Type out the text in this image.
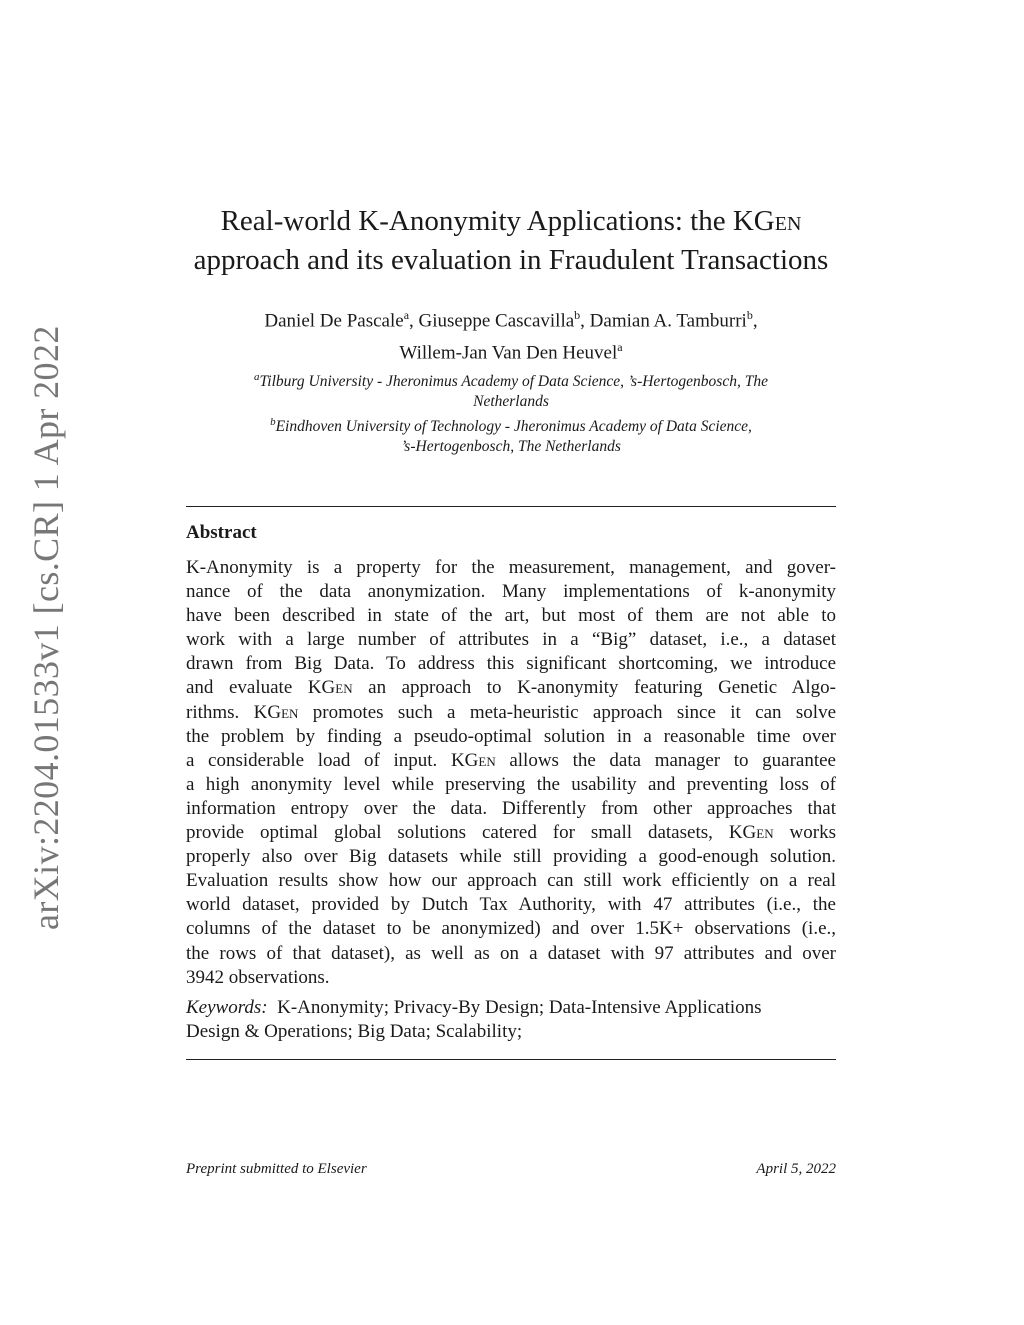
arXiv:2204.01533v1 [cs.CR] 1 Apr 2022
Real-world K-Anonymity Applications: the KGen
approach and its evaluation in Fraudulent Transactions
Daniel De Pascale$^a$, Giuseppe Cascavilla$^b$, Damian A. Tamburri$^b$,
Willem-Jan Van Den Heuvel$^a$
$^a$Tilburg University - Jheronimus Academy of Data Science, ’s-Hertogenbosch, The
Netherlands
$^b$Eindhoven University of Technology - Jheronimus Academy of Data Science,
’s-Hertogenbosch, The Netherlands
Abstract
K-Anonymity is a property for the measurement, management, and gover-
nance of the data anonymization. Many implementations of k-anonymity
have been described in state of the art, but most of them are not able to
work with a large number of attributes in a “Big” dataset, i.e., a dataset
drawn from Big Data. To address this significant shortcoming, we introduce
and evaluate KGen an approach to K-anonymity featuring Genetic Algo-
rithms. KGen promotes such a meta-heuristic approach since it can solve
the problem by finding a pseudo-optimal solution in a reasonable time over
a considerable load of input. KGen allows the data manager to guarantee
a high anonymity level while preserving the usability and preventing loss of
information entropy over the data. Differently from other approaches that
provide optimal global solutions catered for small datasets, KGen works
properly also over Big datasets while still providing a good-enough solution.
Evaluation results show how our approach can still work efficiently on a real
world dataset, provided by Dutch Tax Authority, with 47 attributes (i.e., the
columns of the dataset to be anonymized) and over 1.5K+ observations (i.e.,
the rows of that dataset), as well as on a dataset with 97 attributes and over
3942 observations.
Keywords:  K-Anonymity; Privacy-By Design; Data-Intensive Applications
Design & Operations; Big Data; Scalability;
Preprint submitted to Elsevier	April 5, 2022
